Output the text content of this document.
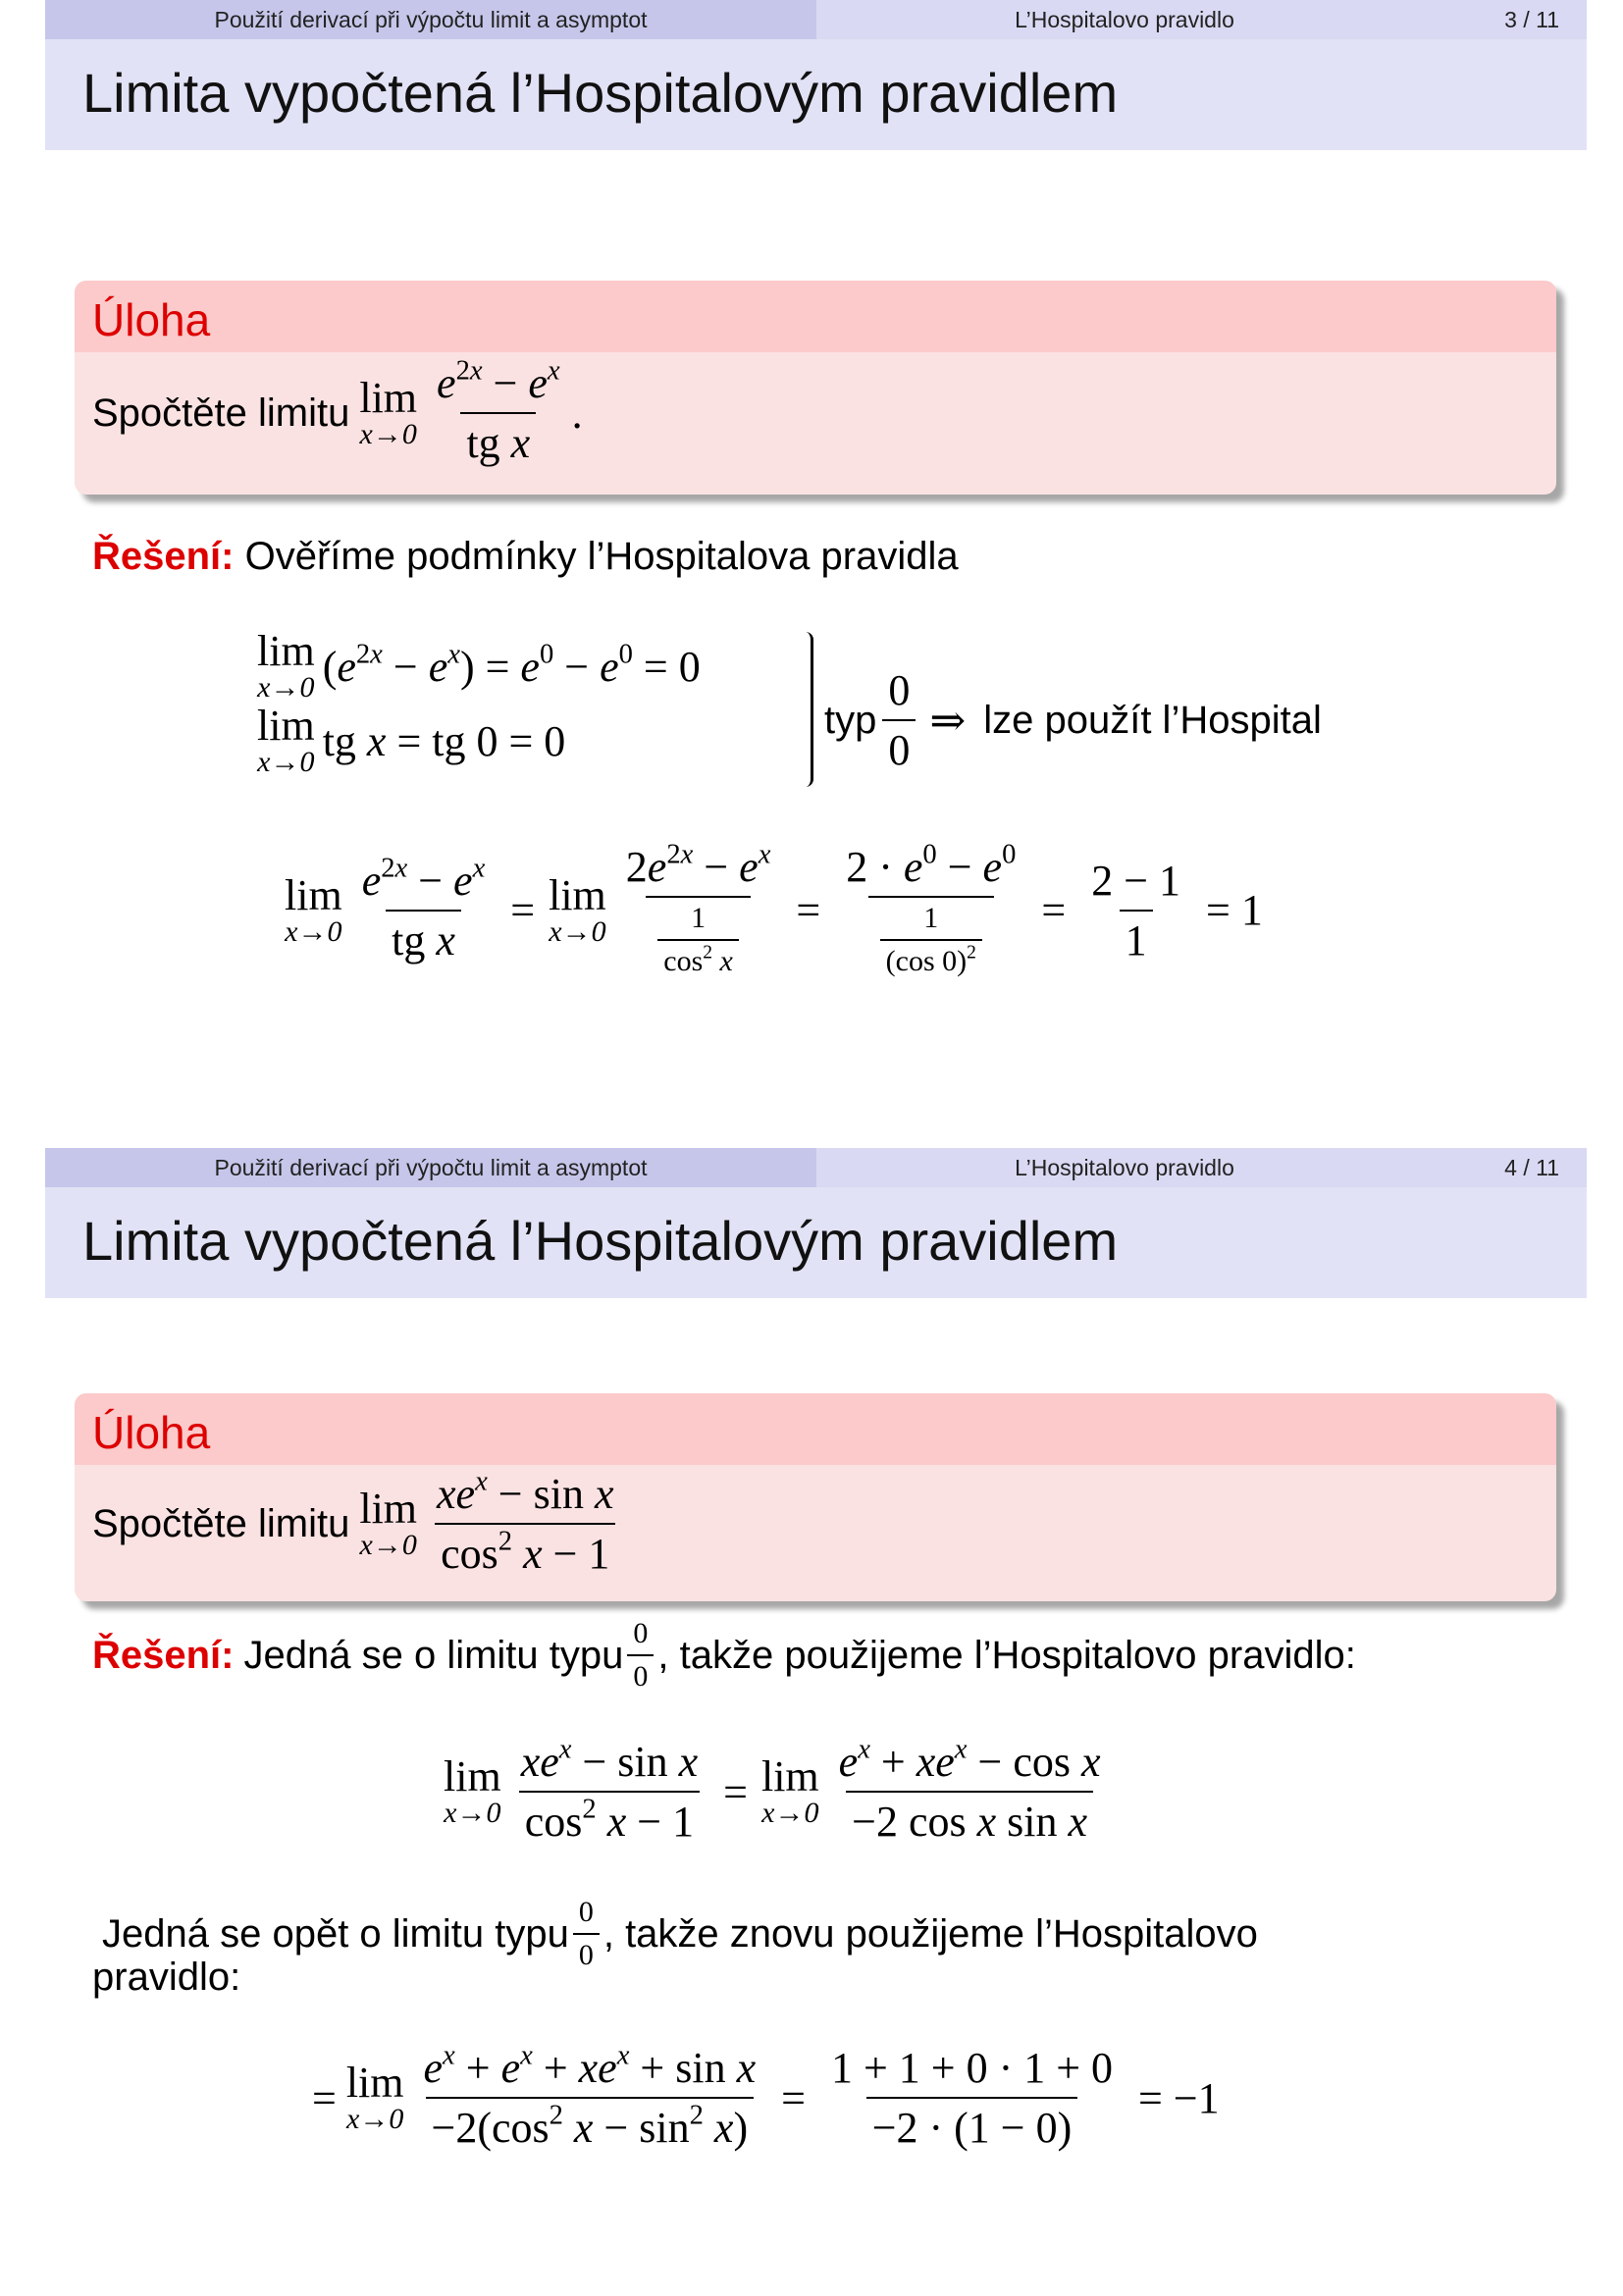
Použití derivací při výpočtu limit a asymptot	L’Hospitalovo pravidlo	3 / 11
Limita vypočtená l’Hospitalovým pravidlem
Úloha
Spočtěte limitu lim
$x\to 0 \frac{e^{2x} - e^x}{\text{tg x}}$ .
Řešení: Ověříme podmínky l’Hospitalova pravidla
lim
x→0 $(e^{2x} - e^x) = e^0 - e^0 = 0$
lim
x→0 tg x = tg 0 = 0	typ $\frac{0}{0}$ ⇒ lze použít l’Hospital
lim
$x\to 0 \frac{e^{2x} - e^x}{\text{tg x}} = \lim$
$x\to 0 \frac{2e^{2x} - e^x}{\frac{1}{\cos^2 x}} = \frac{2 \cdot e^0 - e^0}{\frac{1}{(\cos 0)^2}} = \frac{2 - 1}{1} = 1$
Použití derivací při výpočtu limit a asymptot	L’Hospitalovo pravidlo	4 / 11
Limita vypočtená l’Hospitalovým pravidlem
Úloha
Spočtěte limitu lim
$x\to 0 \frac{xe^x - \sin x}{\cos^2 x - 1}$
Řešení: Jedná se o limitu typu $\frac{0}{0}$ , takže použijeme l’Hospitalovo pravidlo:
lim
$x\to 0 \frac{xe^x - \sin x}{\cos^2 x - 1} = \lim$
$x\to 0 \frac{e^x + xe^x - \cos x}{\text{−2 cos x sin x}}$
Jedná se opět o limitu typu $\frac{0}{0}$ , takže znovu použijeme l’Hospitalovo
pravidlo:
= lim
$x\to 0 \frac{e^x + e^x + xe^x + \sin x}{-2(\cos^2 x - \sin^2 x)} = \frac{1 + 1 + 0 \cdot 1 + 0}{-2 \cdot (1 - 0)} = -1$
